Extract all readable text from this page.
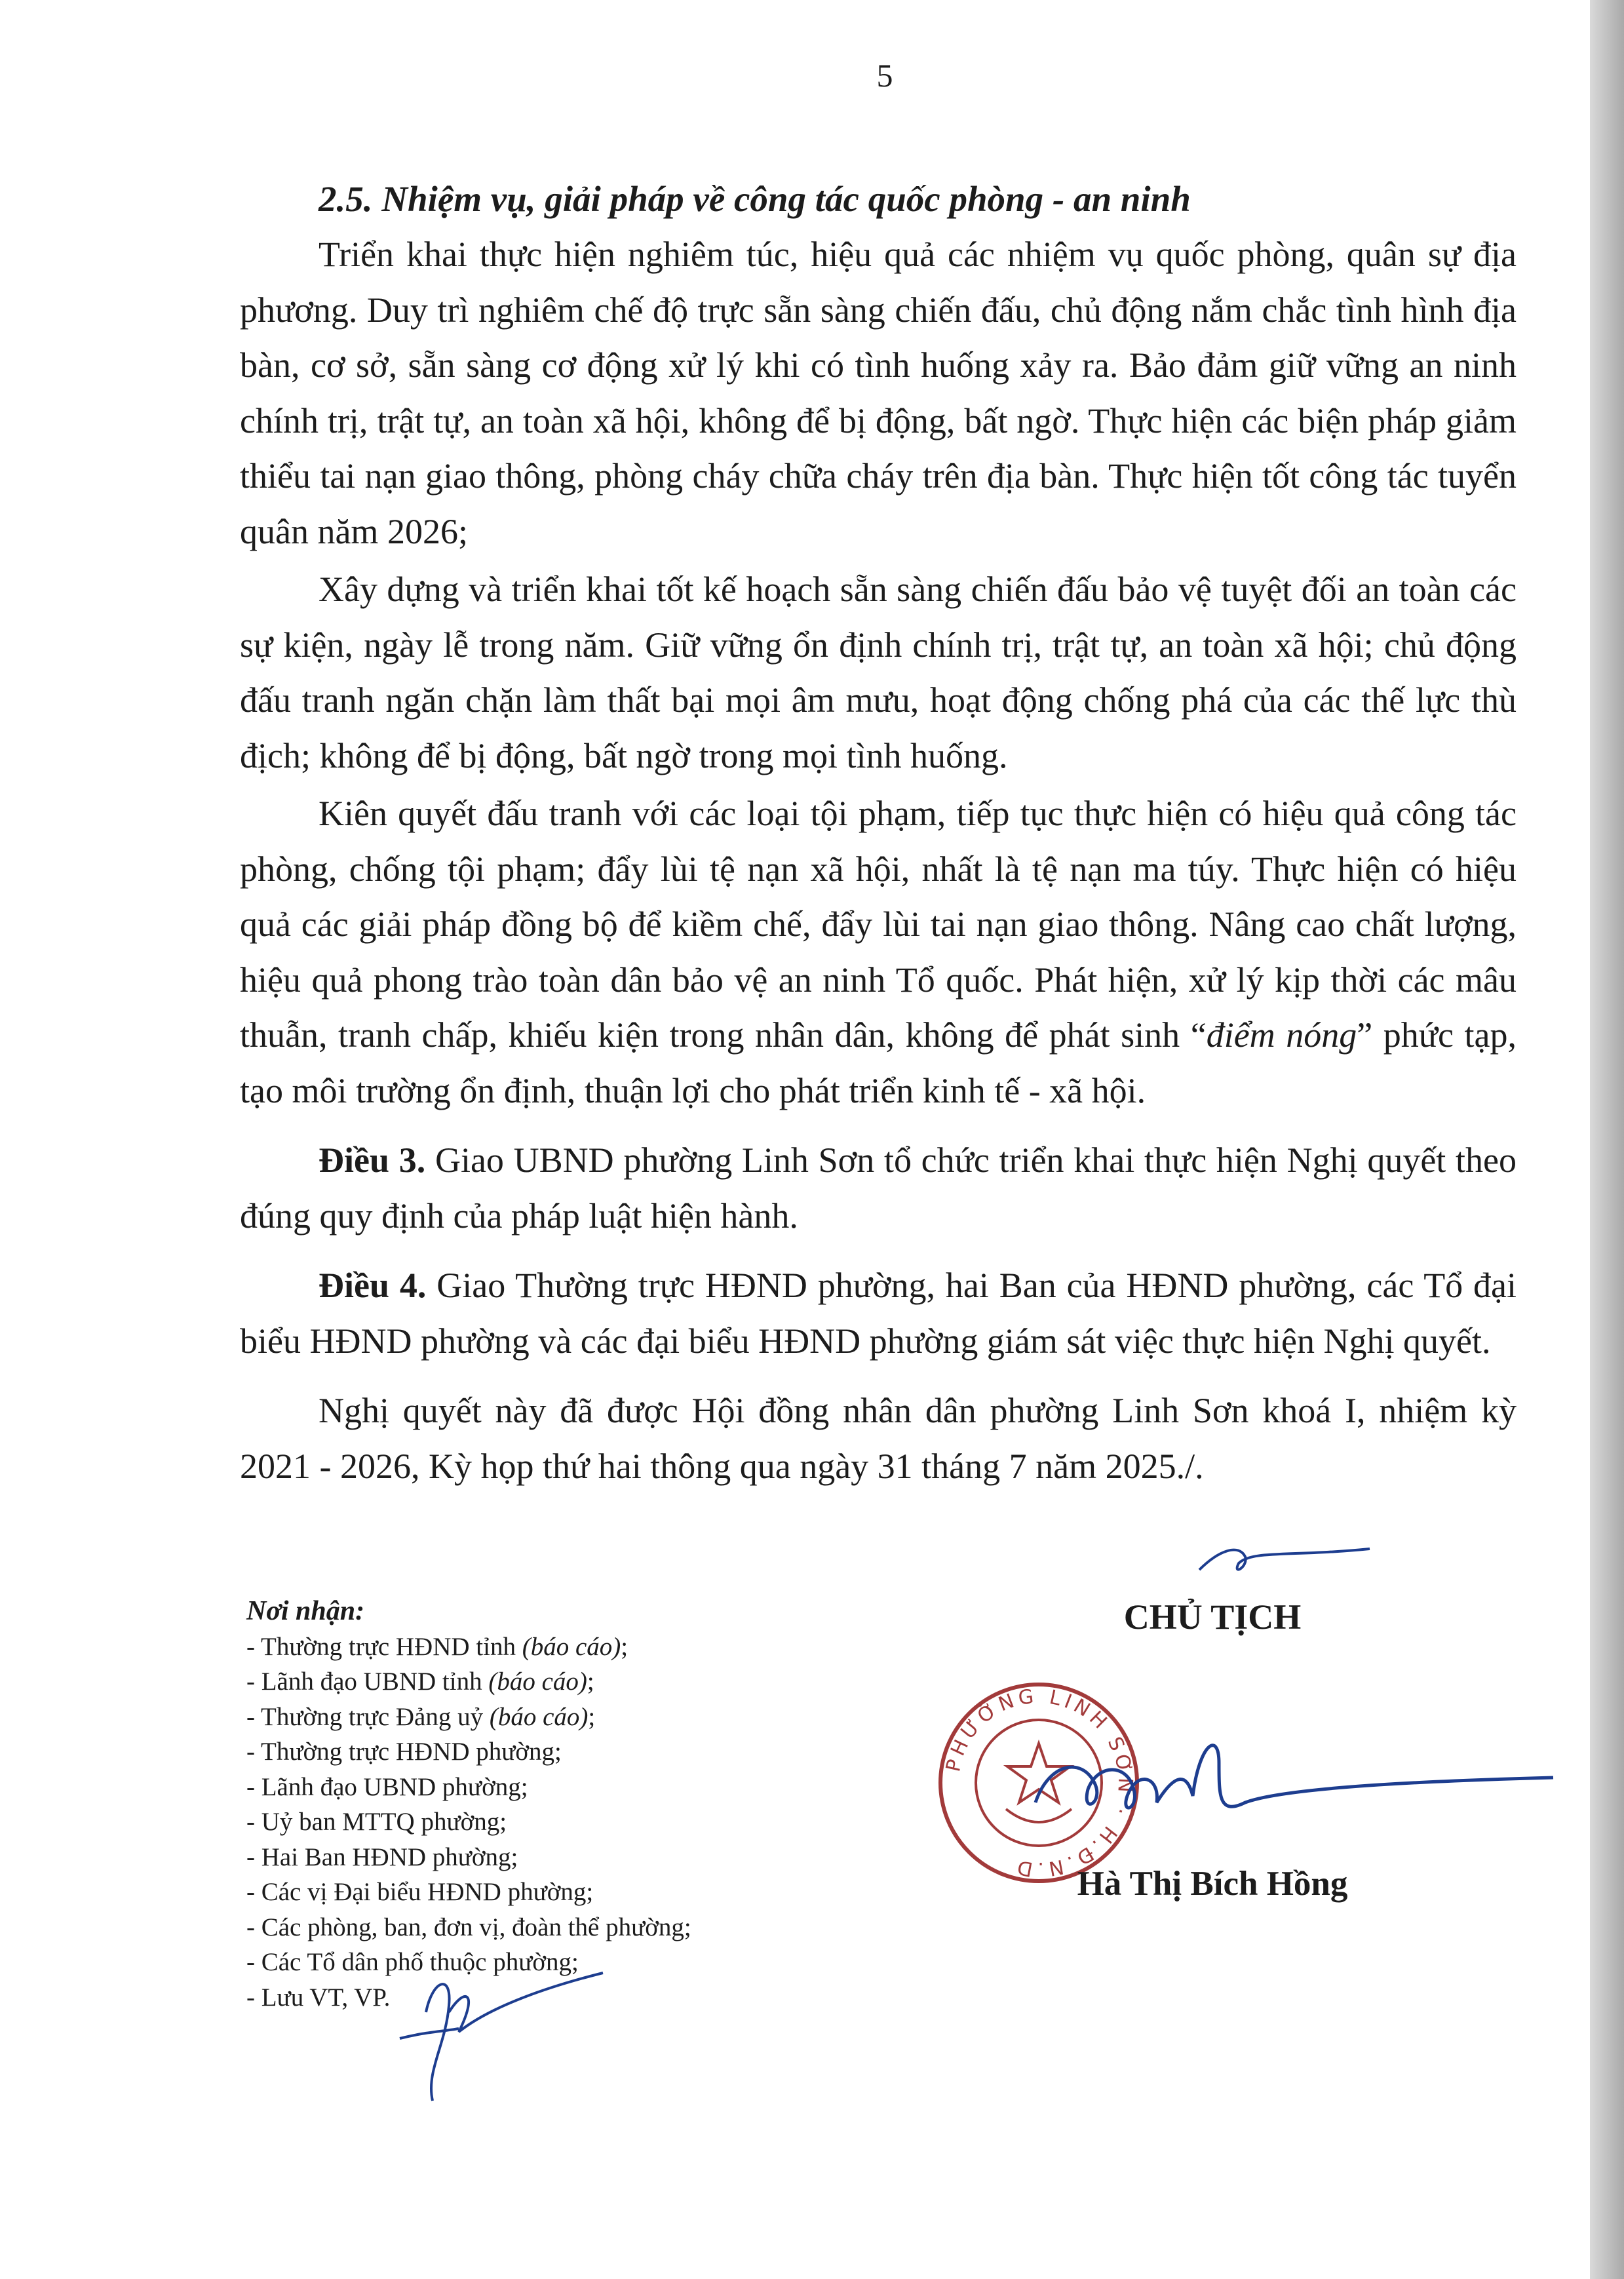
5

2.5. Nhiệm vụ, giải pháp về công tác quốc phòng - an ninh

Triển khai thực hiện nghiêm túc, hiệu quả các nhiệm vụ quốc phòng, quân sự địa phương. Duy trì nghiêm chế độ trực sẵn sàng chiến đấu, chủ động nắm chắc tình hình địa bàn, cơ sở, sẵn sàng cơ động xử lý khi có tình huống xảy ra. Bảo đảm giữ vững an ninh chính trị, trật tự, an toàn xã hội, không để bị động, bất ngờ. Thực hiện các biện pháp giảm thiểu tai nạn giao thông, phòng cháy chữa cháy trên địa bàn. Thực hiện tốt công tác tuyển quân năm 2026;

Xây dựng và triển khai tốt kế hoạch sẵn sàng chiến đấu bảo vệ tuyệt đối an toàn các sự kiện, ngày lễ trong năm. Giữ vững ổn định chính trị, trật tự, an toàn xã hội; chủ động đấu tranh ngăn chặn làm thất bại mọi âm mưu, hoạt động chống phá của các thế lực thù địch; không để bị động, bất ngờ trong mọi tình huống.

Kiên quyết đấu tranh với các loại tội phạm, tiếp tục thực hiện có hiệu quả công tác phòng, chống tội phạm; đẩy lùi tệ nạn xã hội, nhất là tệ nạn ma túy. Thực hiện có hiệu quả các giải pháp đồng bộ để kiềm chế, đẩy lùi tai nạn giao thông. Nâng cao chất lượng, hiệu quả phong trào toàn dân bảo vệ an ninh Tổ quốc. Phát hiện, xử lý kịp thời các mâu thuẫn, tranh chấp, khiếu kiện trong nhân dân, không để phát sinh “điểm nóng” phức tạp, tạo môi trường ổn định, thuận lợi cho phát triển kinh tế - xã hội.

Điều 3. Giao UBND phường Linh Sơn tổ chức triển khai thực hiện Nghị quyết theo đúng quy định của pháp luật hiện hành.

Điều 4. Giao Thường trực HĐND phường, hai Ban của HĐND phường, các Tổ đại biểu HĐND phường và các đại biểu HĐND phường giám sát việc thực hiện Nghị quyết.

Nghị quyết này đã được Hội đồng nhân dân phường Linh Sơn khoá I, nhiệm kỳ 2021 - 2026, Kỳ họp thứ hai thông qua ngày 31 tháng 7 năm 2025./.

Nơi nhận:
- Thường trực HĐND tỉnh (báo cáo);
- Lãnh đạo UBND tỉnh (báo cáo);
- Thường trực Đảng uỷ (báo cáo);
- Thường trực HĐND phường;
- Lãnh đạo UBND phường;
- Uỷ ban MTTQ phường;
- Hai Ban HĐND phường;
- Các vị Đại biểu HĐND phường;
- Các phòng, ban, đơn vị, đoàn thể phường;
- Các Tổ dân phố thuộc phường;
- Lưu VT, VP.
CHỦ TỊCH
PHƯỜNG LINH SƠN · H.Đ.N.D	Hà Thị Bích Hồng
